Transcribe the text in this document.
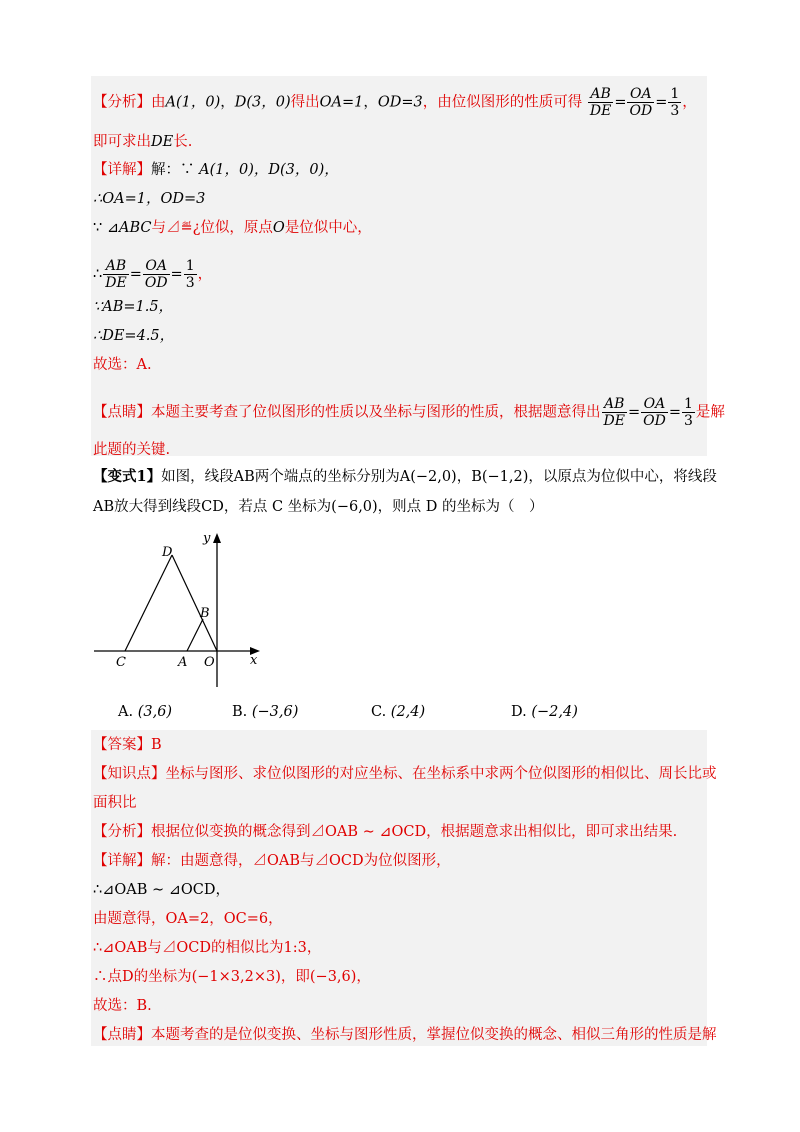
【分析】由A(1，0)，D(3，0)得出OA=1，OD=3，由位似图形的性质可得 $\frac{AB}{DE} = \frac{OA}{OD} = \frac{1}{3}$ ，
即可求出DE长.
【详解】解：∵ A(1，0)，D(3，0)，
∴OA=1，OD=3
∵ ⊿ABC与⊿≝¿位似，原点O是位似中心，
∴ $\frac{AB}{DE} = \frac{OA}{OD} = \frac{1}{3}$ ，
∵AB=1.5，
∴DE=4.5，
故选：A.
【点睛】本题主要考查了位似图形的性质以及坐标与图形的性质，根据题意得出 $\frac{AB}{DE} = \frac{OA}{OD} = \frac{1}{3}$ 是解
此题的关键.
【变式1】如图，线段AB两个端点的坐标分别为A(−2,0)，B(−1,2)，以原点为位似中心，将线段
AB放大得到线段CD，若点 C 坐标为(−6,0)，则点 D 的坐标为（　）
y
x
D
B
C	A O
A. (3,6)	B. (−3,6)	C. (2,4)	D. (−2,4)
【答案】B
【知识点】坐标与图形、求位似图形的对应坐标、在坐标系中求两个位似图形的相似比、周长比或
面积比
【分析】根据位似变换的概念得到⊿OAB ∼ ⊿OCD，根据题意求出相似比，即可求出结果.
【详解】解：由题意得，⊿OAB与⊿OCD为位似图形，
∴⊿OAB ∼ ⊿OCD，
由题意得，OA=2，OC=6，
∴⊿OAB与⊿OCD的相似比为1:3，
∴点D的坐标为(−1×3,2×3)，即(−3,6)，
故选：B.
【点睛】本题考查的是位似变换、坐标与图形性质，掌握位似变换的概念、相似三角形的性质是解
